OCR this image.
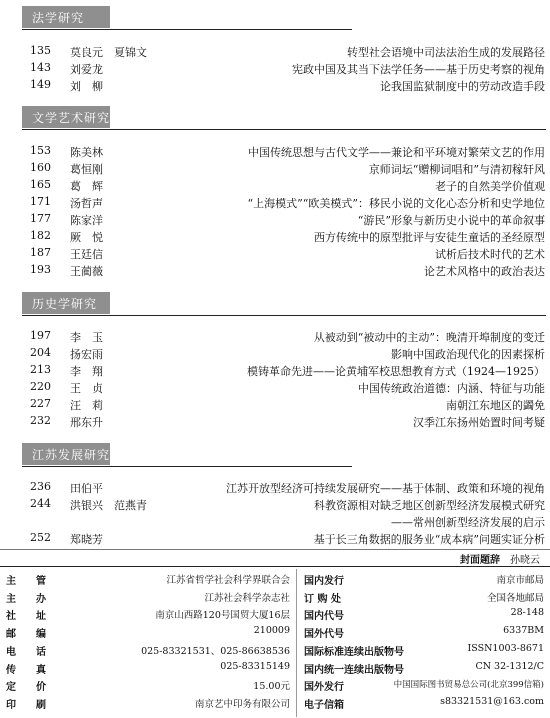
法学研究
135	莫良元　夏锦文	转型社会语境中司法法治生成的发展路径
143	刘爱龙	宪政中国及其当下法学任务——基于历史考察的视角
149	刘　柳	论我国监狱制度中的劳动改造手段
文学艺术研究
153	陈美林	中国传统思想与古代文学——兼论和平环境对繁荣文艺的作用
160	葛恒刚	京师词坛“赠柳词唱和”与清初稼轩风
165	葛　辉	老子的自然美学价值观
171	汤哲声	“上海模式”“欧美模式”：移民小说的文化心态分析和史学地位
177	陈家洋	“游民”形象与新历史小说中的革命叙事
182	厥　悦	西方传统中的原型批评与安徒生童话的圣经原型
187	王廷信	试析后技术时代的艺术
193	王蔺薇	论艺术风格中的政治表达
历史学研究
197	李　玉	从被动到“被动中的主动”：晚清开埠制度的变迁
204	扬宏雨	影响中国政治现代化的因素探析
213	李　翔	模铸革命先进——论黄埔军校思想教育方式（1924—1925）
220	王　贞	中国传统政治道德：内涵、特征与功能
227	汪　莉	南朝江东地区的蠲免
232	邢东升	汉季江东扬州始置时间考疑
江苏发展研究
236	田伯平	江苏开放型经济可持续发展研究——基于体制、政策和环境的视角
244	洪银兴　范燕青	科教资源相对缺乏地区创新型经济发展模式研究
——常州创新型经济发展的启示
252	郑晓芳	基于长三角数据的服务业“成本病”问题实证分析
封面题辞　 孙晓云
主　　管	江苏省哲学社会科学界联合会
主　　办	江苏社会科学杂志社
社　　址	南京山西路120号国贸大厦16层
邮　　编	210009
电　　话	025-83321531、025-86638536
传　　真	025-83315149
定　　价	15.00元
印　　刷	南京艺中印务有限公司
国内发行	南京市邮局
订 购 处	全国各地邮局
国内代号	28-148
国外代号	6337BM
国际标准连续出版物号	ISSN1003-8671
国内统一连续出版物号	CN 32-1312/C
国外发行	中国国际图书贸易总公司(北京399信箱)
电子信箱	s83321531@163.com
